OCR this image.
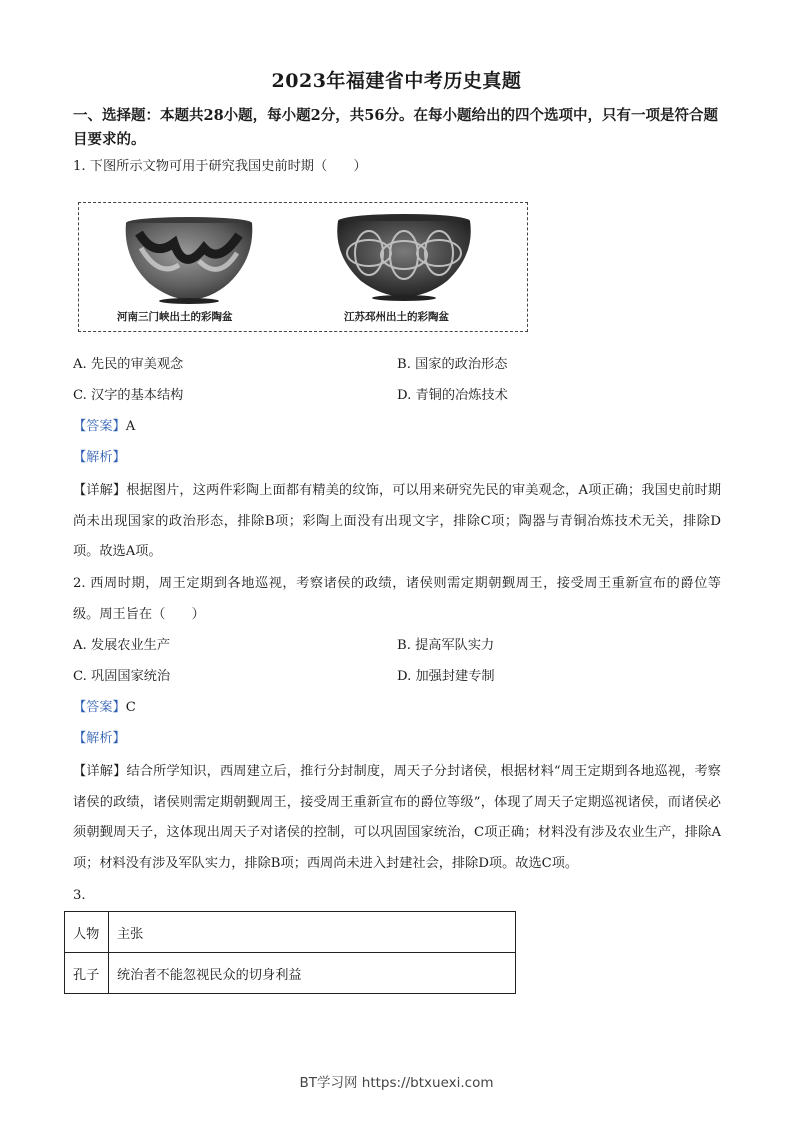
2023年福建省中考历史真题
一、选择题：本题共28小题，每小题2分，共56分。在每小题给出的四个选项中，只有一项是符合题目要求的。
1. 下图所示文物可用于研究我国史前时期（　　）
河南三门峡出土的彩陶盆	江苏邳州出土的彩陶盆
A. 先民的审美观念	B. 国家的政治形态
C. 汉字的基本结构	D. 青铜的冶炼技术
【答案】A
【解析】
【详解】根据图片，这两件彩陶上面都有精美的纹饰，可以用来研究先民的审美观念，A项正确；我国史前时期尚未出现国家的政治形态，排除B项；彩陶上面没有出现文字，排除C项；陶器与青铜冶炼技术无关，排除D项。故选A项。
2. 西周时期，周王定期到各地巡视，考察诸侯的政绩，诸侯则需定期朝觐周王，接受周王重新宣布的爵位等级。周王旨在（　　）
A. 发展农业生产	B. 提高军队实力
C. 巩固国家统治	D. 加强封建专制
【答案】C
【解析】
【详解】结合所学知识，西周建立后，推行分封制度，周天子分封诸侯，根据材料“周王定期到各地巡视，考察诸侯的政绩，诸侯则需定期朝觐周王，接受周王重新宣布的爵位等级”，体现了周天子定期巡视诸侯，而诸侯必须朝觐周天子，这体现出周天子对诸侯的控制，可以巩固国家统治，C项正确；材料没有涉及农业生产，排除A项；材料没有涉及军队实力，排除B项；西周尚未进入封建社会，排除D项。故选C项。
3.
人物	主张
孔子	统治者不能忽视民众的切身利益
BT学习网 https://btxuexi.com
